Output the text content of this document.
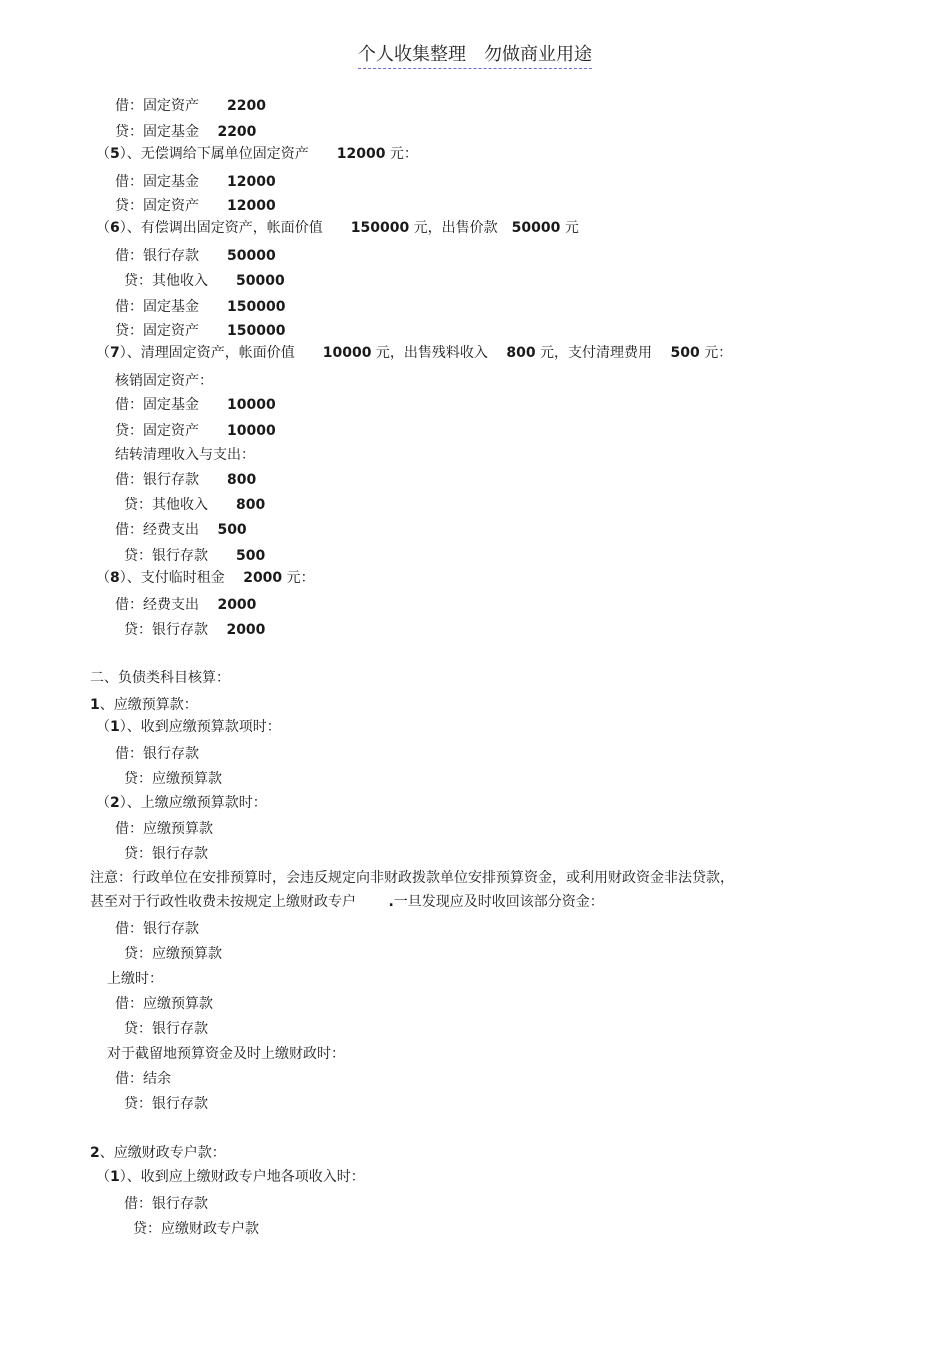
个人收集整理　勿做商业用途
借：固定资产　　2200
贷：固定基金　 2200
（5）、无偿调给下属单位固定资产　　12000 元：
借：固定基金　　12000
贷：固定资产　　12000
（6）、有偿调出固定资产，帐面价值　　150000 元，出售价款　50000 元
借：银行存款　　50000
贷：其他收入　　50000
借：固定基金　　150000
贷：固定资产　　150000
（7）、清理固定资产，帐面价值　　10000 元，出售残料收入　 800 元，支付清理费用　 500 元：
核销固定资产：
借：固定基金　　10000
贷：固定资产　　10000
结转清理收入与支出：
借：银行存款　　800
贷：其他收入　　800
借：经费支出　 500
贷：银行存款　　500
（8）、支付临时租金　 2000 元：
借：经费支出　 2000
贷：银行存款　 2000
二、负债类科目核算：
1、应缴预算款：
（1）、收到应缴预算款项时：
借：银行存款
贷：应缴预算款
（2）、上缴应缴预算款时：
借：应缴预算款
贷：银行存款
注意：行政单位在安排预算时，会违反规定向非财政拨款单位安排预算资金，或利用财政资金非法贷款，
甚至对于行政性收费未按规定上缴财政专户　　 .一旦发现应及时收回该部分资金：
借：银行存款
贷：应缴预算款
上缴时：
借：应缴预算款
贷：银行存款
对于截留地预算资金及时上缴财政时：
借：结余
贷：银行存款
2、应缴财政专户款：
（1）、收到应上缴财政专户地各项收入时：
借：银行存款
贷：应缴财政专户款
